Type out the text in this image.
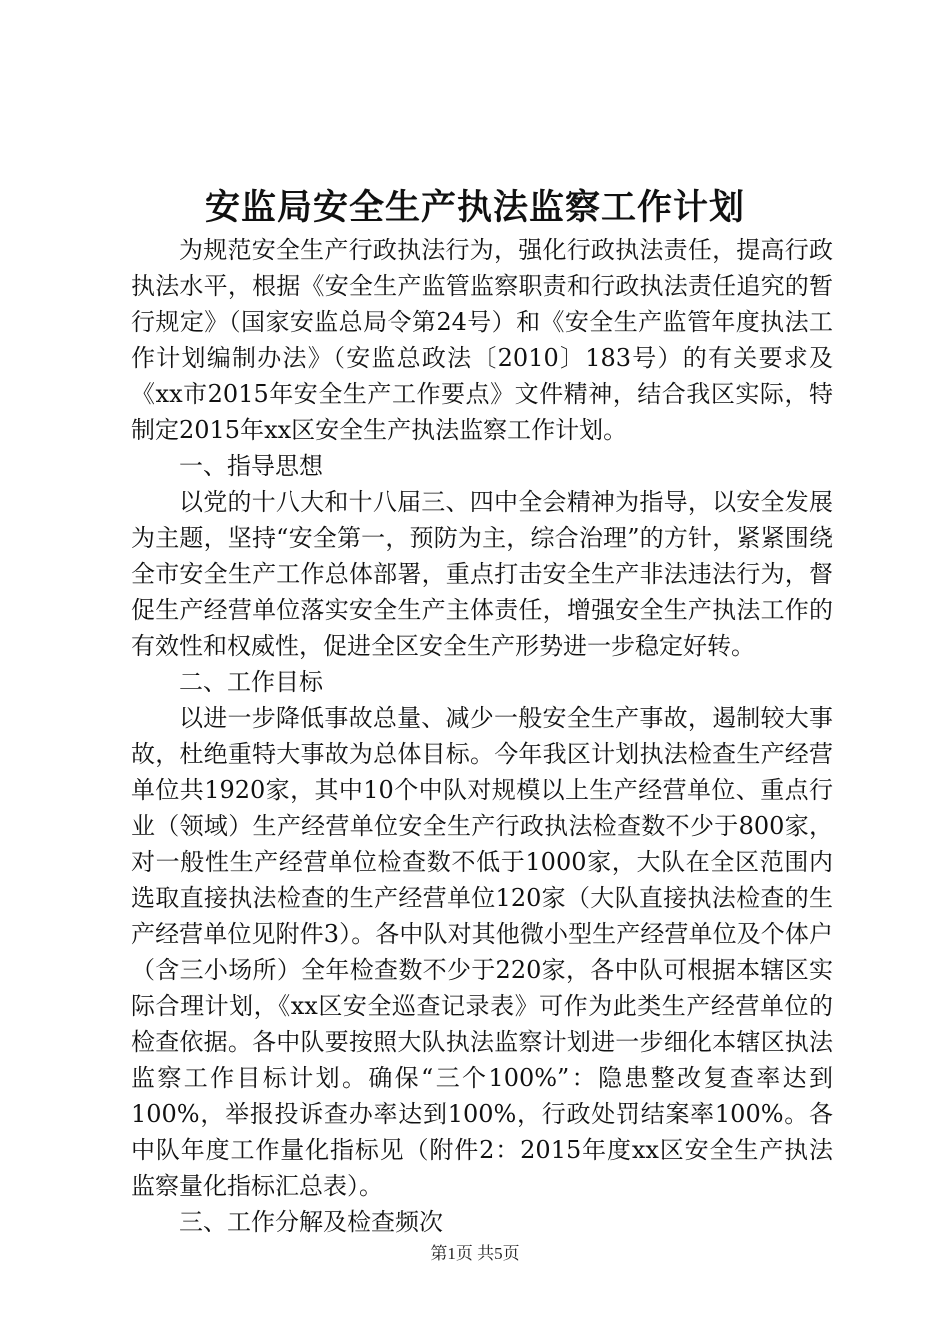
安监局安全生产执法监察工作计划

为规范安全生产行政执法行为，强化行政执法责任，提高行政执法水平，根据《安全生产监管监察职责和行政执法责任追究的暂行规定》（国家安监总局令第24号）和《安全生产监管年度执法工作计划编制办法》（安监总政法〔2010〕183号）的有关要求及《xx市2015年安全生产工作要点》文件精神，结合我区实际，特制定2015年xx区安全生产执法监察工作计划。

一、指导思想

以党的十八大和十八届三、四中全会精神为指导，以安全发展为主题，坚持“安全第一，预防为主，综合治理”的方针，紧紧围绕全市安全生产工作总体部署，重点打击安全生产非法违法行为，督促生产经营单位落实安全生产主体责任，增强安全生产执法工作的有效性和权威性，促进全区安全生产形势进一步稳定好转。

二、工作目标

以进一步降低事故总量、减少一般安全生产事故，遏制较大事故，杜绝重特大事故为总体目标。今年我区计划执法检查生产经营单位共1920家，其中10个中队对规模以上生产经营单位、重点行业（领域）生产经营单位安全生产行政执法检查数不少于800家，对一般性生产经营单位检查数不低于1000家，大队在全区范围内选取直接执法检查的生产经营单位120家（大队直接执法检查的生产经营单位见附件3）。各中队对其他微小型生产经营单位及个体户（含三小场所）全年检查数不少于220家，各中队可根据本辖区实际合理计划，《xx区安全巡查记录表》可作为此类生产经营单位的检查依据。各中队要按照大队执法监察计划进一步细化本辖区执法监察工作目标计划。确保“三个100%”：隐患整改复查率达到100%，举报投诉查办率达到100%，行政处罚结案率100%。各中队年度工作量化指标见（附件2：2015年度xx区安全生产执法监察量化指标汇总表）。

三、工作分解及检查频次

第1页 共5页
